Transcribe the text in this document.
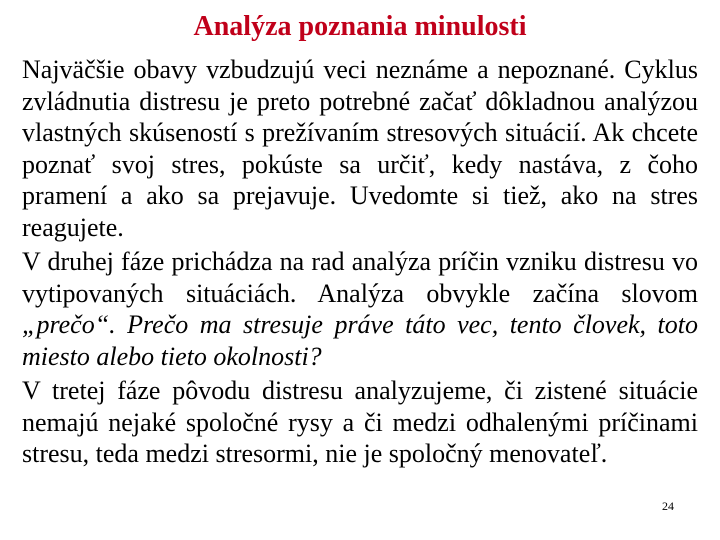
Analýza poznania minulosti

Najväčšie obavy vzbudzujú veci neznáme a nepoznané. Cyklus zvládnutia distresu je preto potrebné začať dôkladnou analýzou vlastných skúseností s prežívaním stresových situácií. Ak chcete poznať svoj stres, pokúste sa určiť, kedy nastáva, z čoho pramení a ako sa prejavuje. Uvedomte si tiež, ako na stres reagujete.

V druhej fáze prichádza na rad analýza príčin vzniku distresu vo vytipovaných situáciách. Analýza obvykle začína slovom „prečo“. Prečo ma stresuje práve táto vec, tento človek, toto miesto alebo tieto okolnosti?

V tretej fáze pôvodu distresu analyzujeme, či zistené situácie nemajú nejaké spoločné rysy a či medzi odhalenými príčinami stresu, teda medzi stresormi, nie je spoločný menovateľ.

24
